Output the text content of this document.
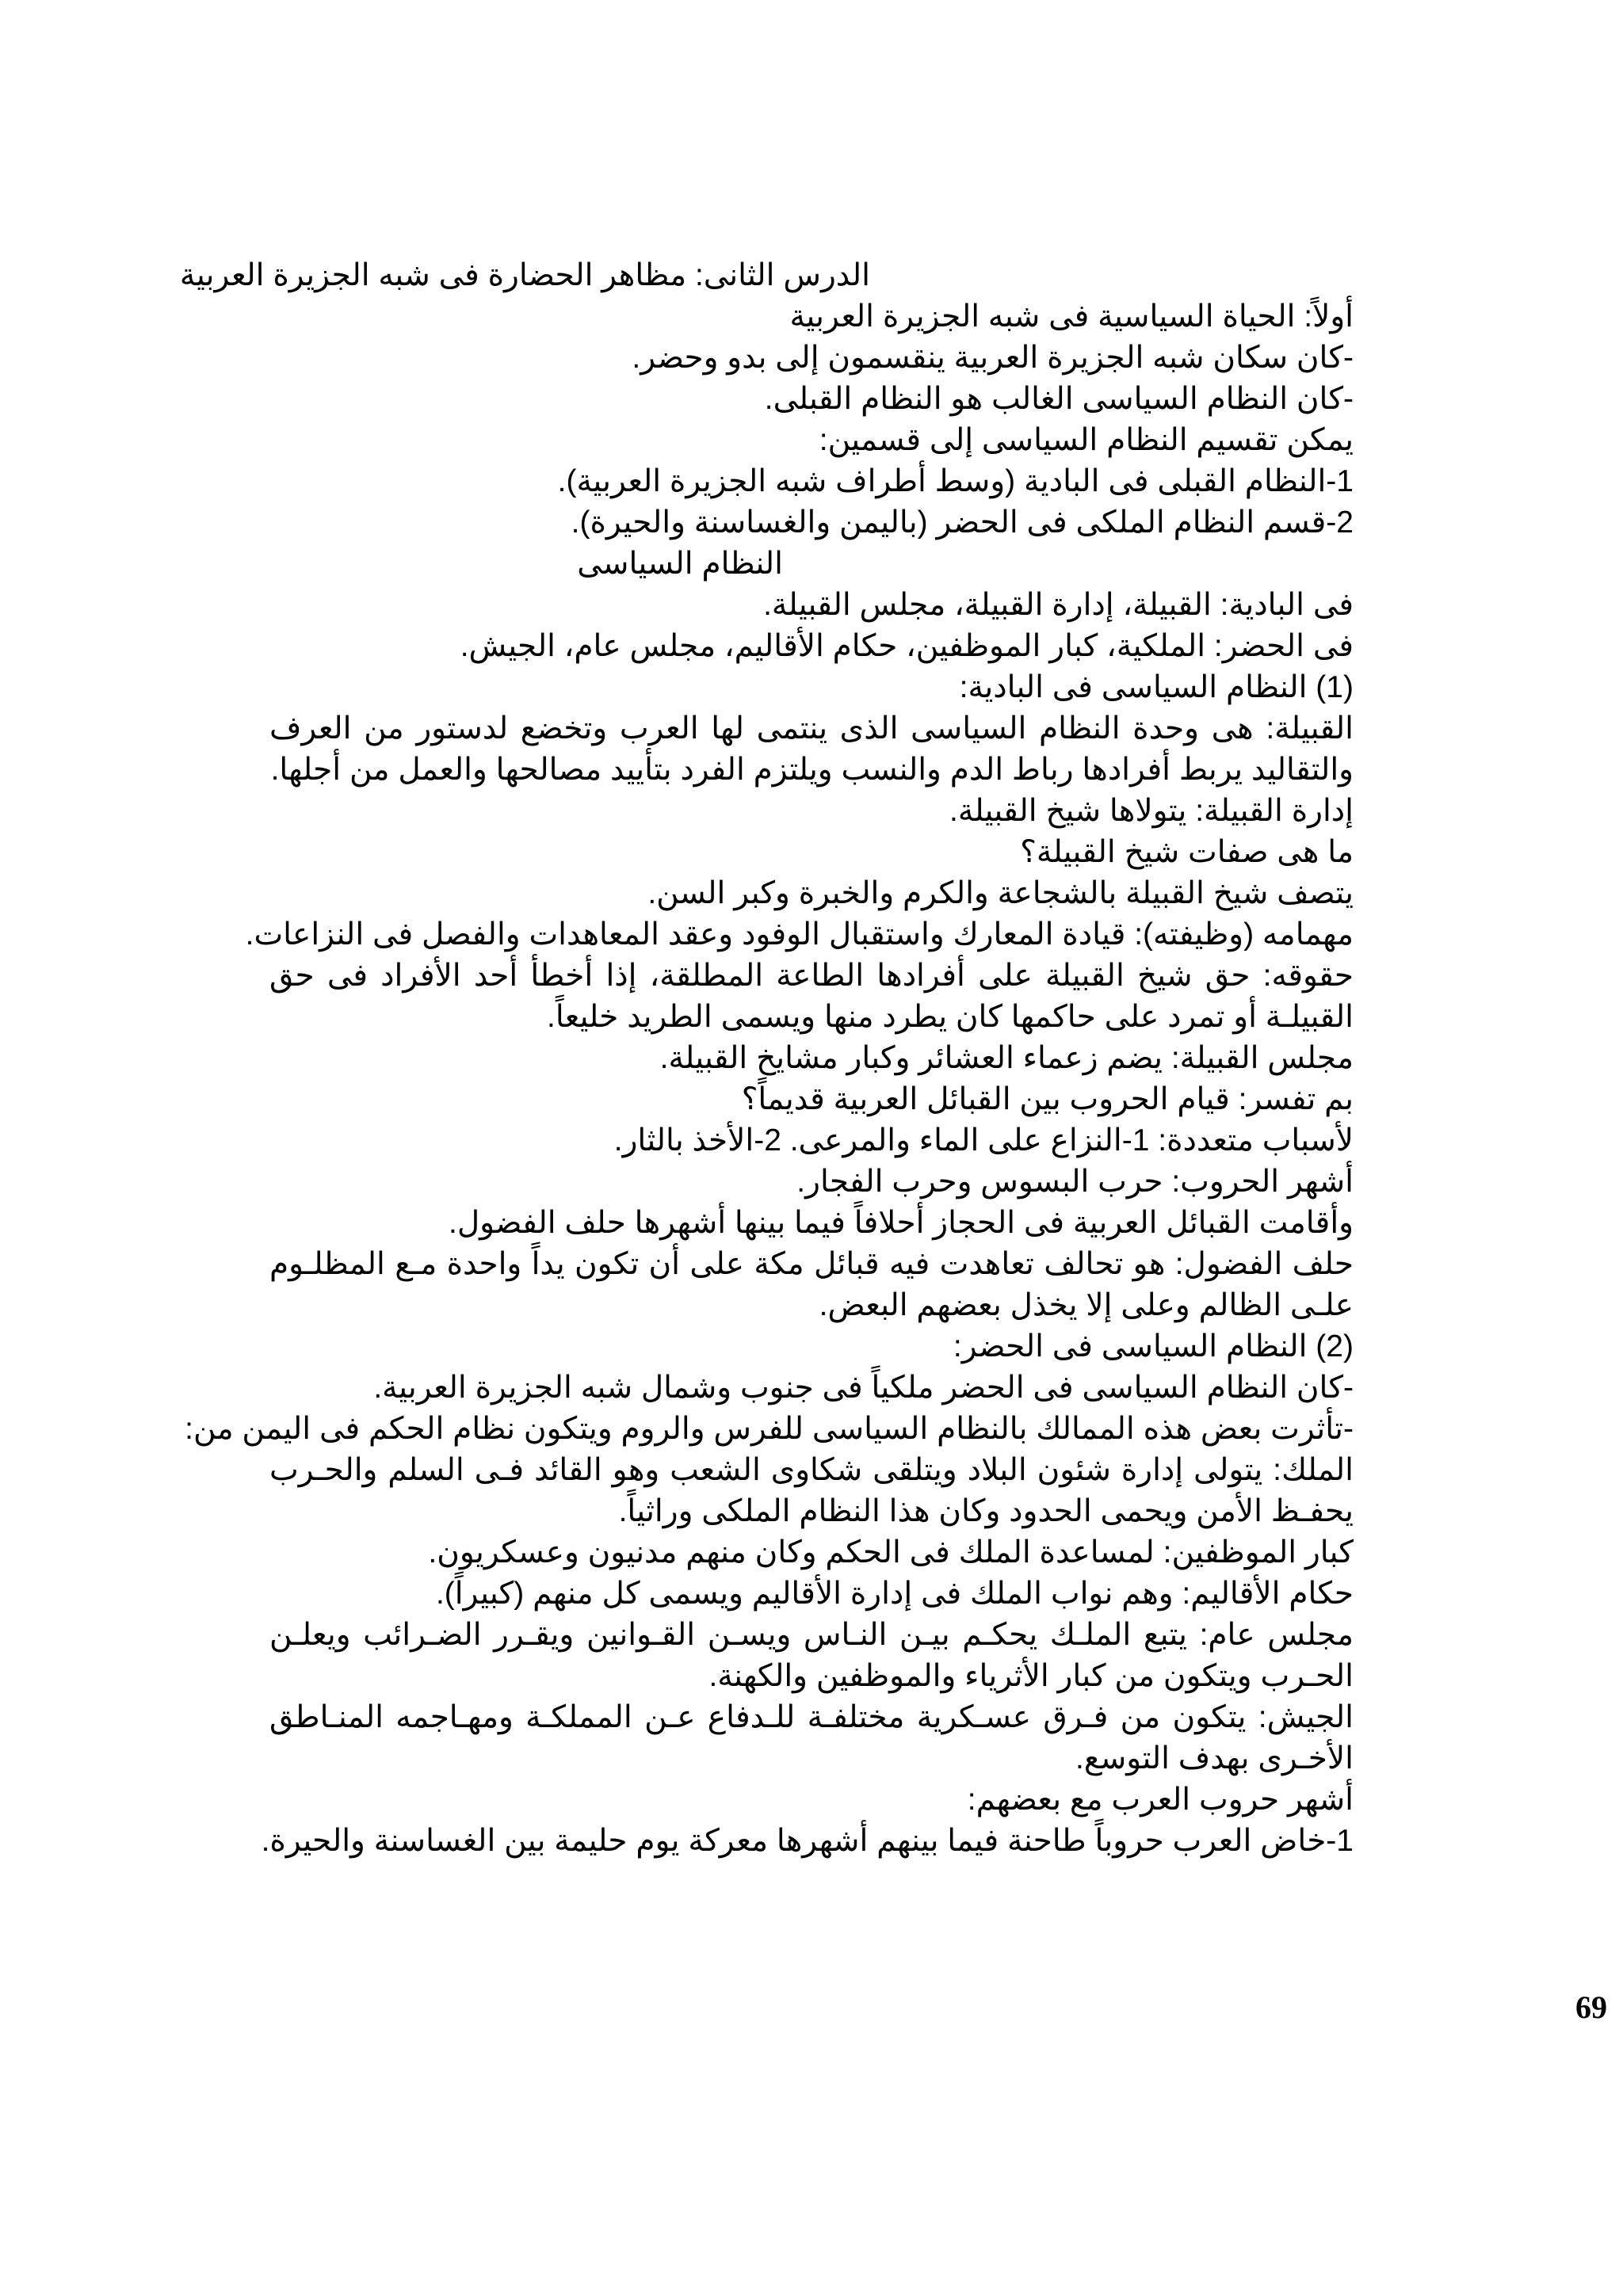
الدرس الثانى: مظاهر الحضارة فى شبه الجزيرة العربية
أولاً: الحياة السياسية فى شبه الجزيرة العربية
-كان سكان شبه الجزيرة العربية ينقسمون إلى بدو وحضر.
-كان النظام السياسى الغالب هو النظام القبلى.
يمكن تقسيم النظام السياسى إلى قسمين:
1-النظام القبلى فى البادية (وسط أطراف شبه الجزيرة العربية).
2-قسم النظام الملكى فى الحضر (باليمن والغساسنة والحيرة).
النظام السياسى
فى البادية: القبيلة، إدارة القبيلة، مجلس القبيلة.
فى الحضر: الملكية، كبار الموظفين، حكام الأقاليم، مجلس عام، الجيش.
(1) النظام السياسى فى البادية:
القبيلة: هى وحدة النظام السياسى الذى ينتمى لها العرب وتخضع لدستور من العرف والتقاليد يربط أفرادها رباط الدم والنسب ويلتزم الفرد بتأييد مصالحها والعمل من أجلها.
إدارة القبيلة: يتولاها شيخ القبيلة.
ما هى صفات شيخ القبيلة؟
يتصف شيخ القبيلة بالشجاعة والكرم والخبرة وكبر السن.
مهمامه (وظيفته): قيادة المعارك واستقبال الوفود وعقد المعاهدات والفصل فى النزاعات.
حقوقه: حق شيخ القبيلة على أفرادها الطاعة المطلقة، إذا أخطأ أحد الأفراد فى حق القبيلـة أو تمرد على حاكمها كان يطرد منها ويسمى الطريد خليعاً.
مجلس القبيلة: يضم زعماء العشائر وكبار مشايخ القبيلة.
بم تفسر: قيام الحروب بين القبائل العربية قديماً؟
لأسباب متعددة: 1-النزاع على الماء والمرعى. 2-الأخذ بالثار.
أشهر الحروب: حرب البسوس وحرب الفجار.
وأقامت القبائل العربية فى الحجاز أحلافاً فيما بينها أشهرها حلف الفضول.
حلف الفضول: هو تحالف تعاهدت فيه قبائل مكة على أن تكون يداً واحدة مـع المظلـوم علـى الظالم وعلى إلا يخذل بعضهم البعض.
(2) النظام السياسى فى الحضر:
-كان النظام السياسى فى الحضر ملكياً فى جنوب وشمال شبه الجزيرة العربية.
-تأثرت بعض هذه الممالك بالنظام السياسى للفرس والروم ويتكون نظام الحكم فى اليمن من:
الملك: يتولى إدارة شئون البلاد ويتلقى شكاوى الشعب وهو القائد فـى السلم والحـرب يحفـظ الأمن ويحمى الحدود وكان هذا النظام الملكى وراثياً.
كبار الموظفين: لمساعدة الملك فى الحكم وكان منهم مدنيون وعسكريون.
حكام الأقاليم: وهم نواب الملك فى إدارة الأقاليم ويسمى كل منهم (كبيراً).
مجلس عام: يتبع الملـك يحكـم بيـن النـاس ويسـن القـوانين ويقـرر الضـرائب ويعلـن الحـرب ويتكون من كبار الأثرياء والموظفين والكهنة.
الجيش: يتكون من فـرق عسـكرية مختلفـة للـدفاع عـن المملكـة ومهـاجمه المنـاطق الأخـرى بهدف التوسع.
أشهر حروب العرب مع بعضهم:
1-خاض العرب حروباً طاحنة فيما بينهم أشهرها معركة يوم حليمة بين الغساسنة والحيرة.
69
